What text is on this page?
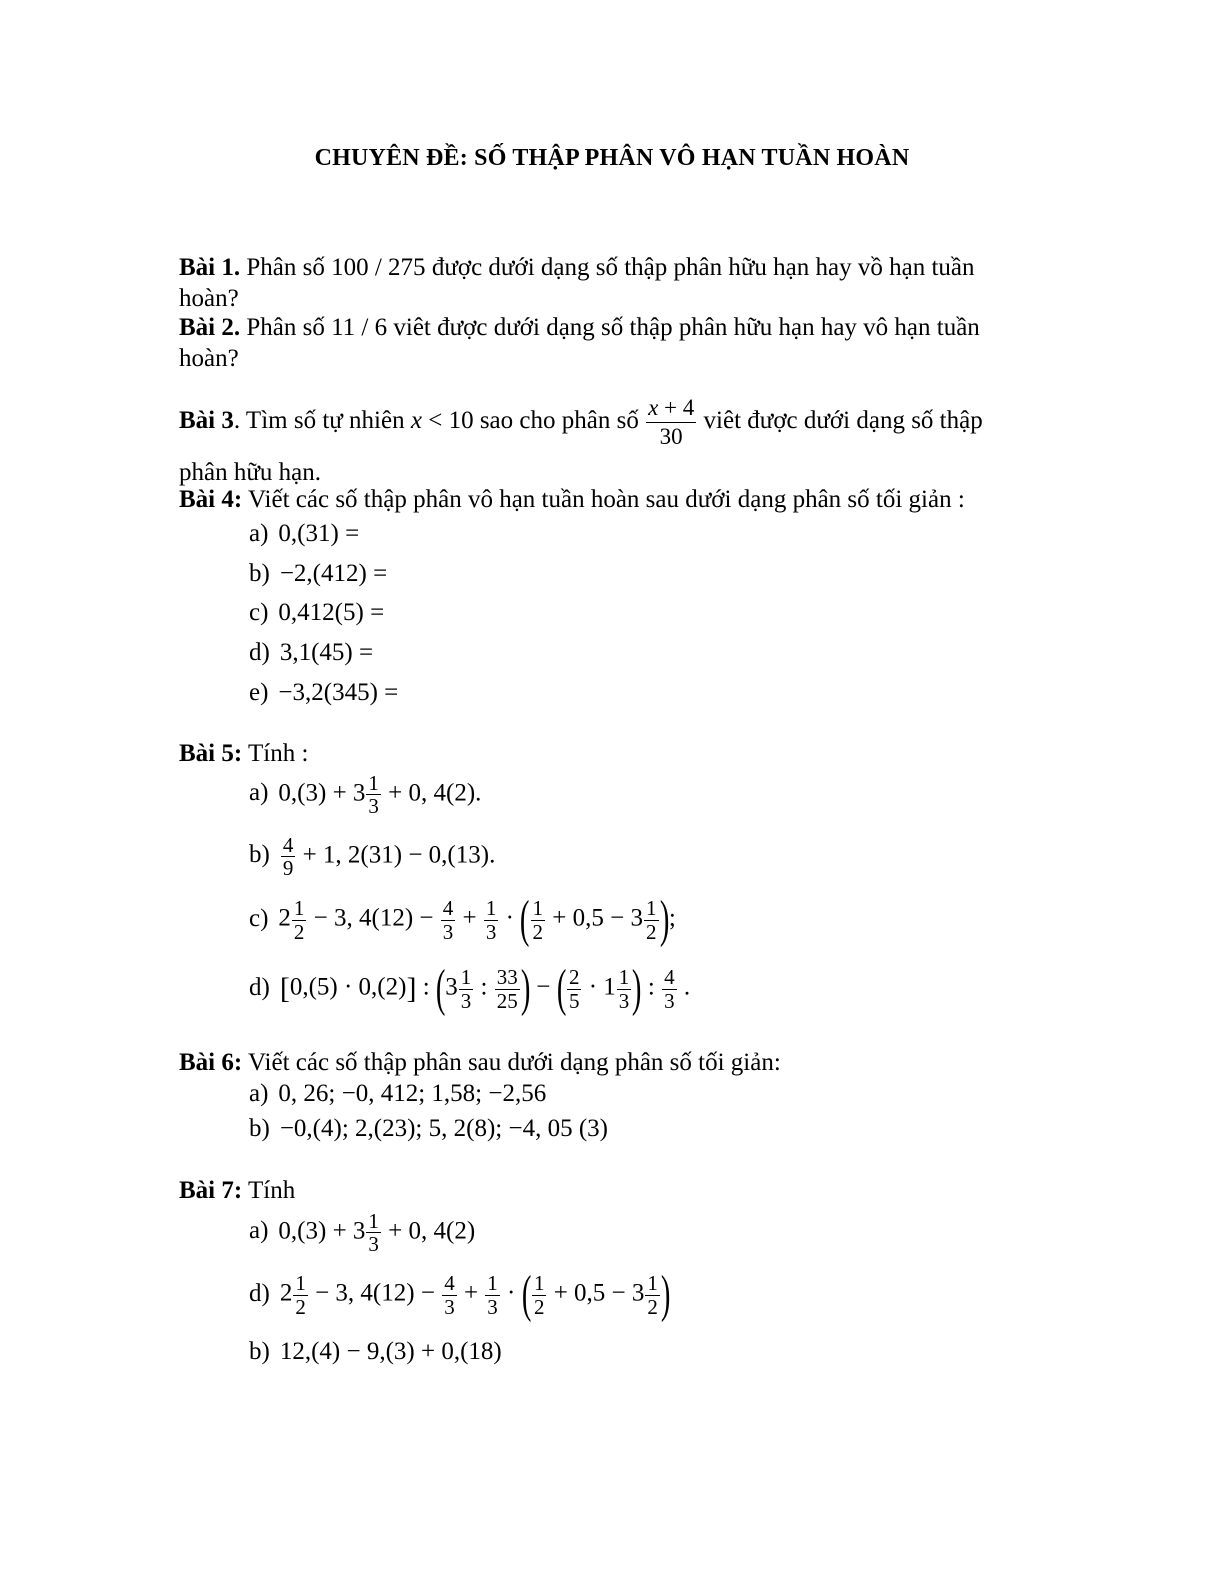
CHUYÊN ĐỀ: SỐ THẬP PHÂN VÔ HẠN TUẦN HOÀN
Bài 1. Phân số 100 / 275 được dưới dạng số thập phân hữu hạn hay vồ hạn tuần hoàn?
Bài 2. Phân số 11 / 6 viêt được dưới dạng số thập phân hữu hạn hay vô hạn tuần hoàn?
Bài 3. Tìm số tự nhiên x < 10 sao cho phân số $\frac{x + 4}{30}$ viêt được dưới dạng số thập phân hữu hạn.
Bài 4: Viết các số thập phân vô hạn tuần hoàn sau dưới dạng phân số tối giản :
a) 0,(31) =
b) −2,(412) =
c) 0,412(5) =
d) 3,1(45) =
e) −3,2(345) =
Bài 5: Tính :
a) $0,(3) + 3 \frac{1}{3} + 0$, 4(2).
$b) \frac{4}{9} + 1$, 2(31) − 0,(13).
c) $2 \frac{1}{2} - 3$, $4(12) - \frac{4}{3} + \frac{1}{3}$ · ( $\frac{1}{2} + 0,5 - 3 \frac{1}{2}$ );
d) [0,(5) · 0,(2)] : ($3 \frac{1}{3}$ : $\frac{33}{25}$ ) − ( $\frac{2}{5} \cdot 1 \frac{1}{3}$ ) : $\frac{4}{3}$ .
Bài 6: Viết các số thập phân sau dưới dạng phân số tối giản:
a) 0, 26; −0, 412; 1,58; −2,56
b) −0,(4); 2,(23); 5, 2(8); −4, 05 (3)
Bài 7: Tính
a) $0,(3) + 3 \frac{1}{3} + 0$, 4(2)
d) $2 \frac{1}{2} - 3$, $4(12) - \frac{4}{3} + \frac{1}{3}$ · ( $\frac{1}{2} + 0,5 - 3 \frac{1}{2}$ )
b) 12,(4) − 9,(3) + 0,(18)
